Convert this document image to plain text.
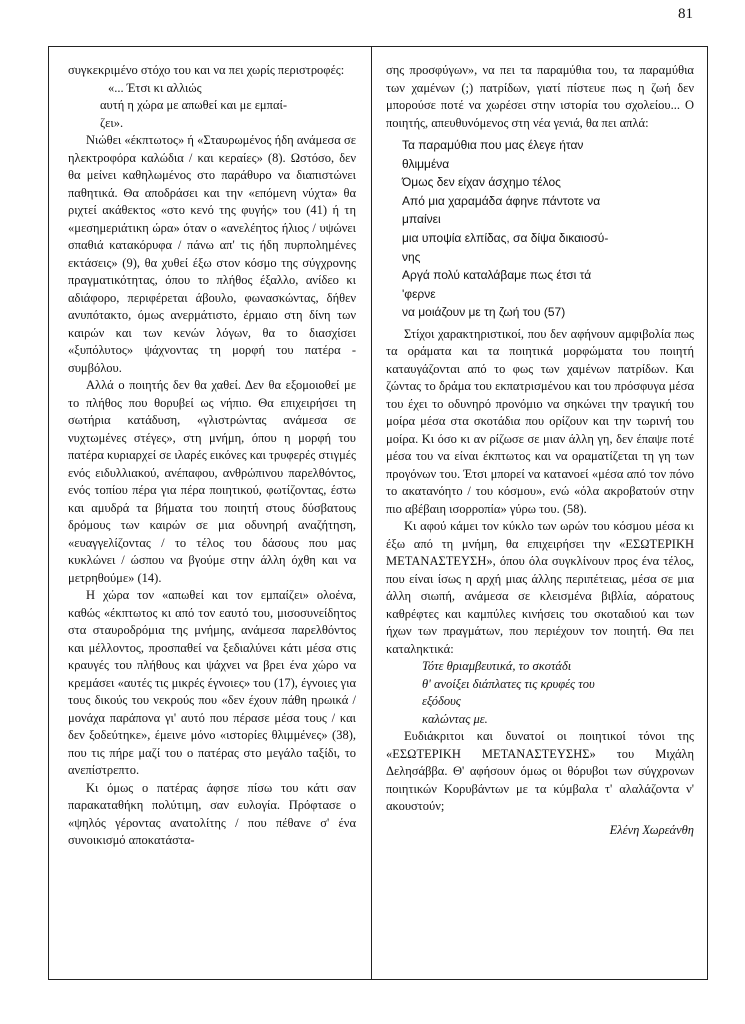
81

συγκεκριμένο στόχο του και να πει χωρίς περιστροφές:

«... Έτσι κι αλλιώς
αυτή η χώρα με απωθεί και με εμπαί-
ζει».

Νιώθει «έκπτωτος» ή «Σταυρωμένος ήδη ανάμεσα σε ηλεκτροφόρα καλώδια / και κεραίες» (8). Ωστόσο, δεν θα μείνει καθηλωμένος στο παράθυρο να διαπιστώνει παθητικά. Θα αποδράσει και την «επόμενη νύχτα» θα ριχτεί ακάθεκτος «στο κενό της φυγής» του (41) ή τη «μεσημεριάτικη ώρα» όταν ο «ανελέητος ήλιος / υψώνει σπαθιά κατακόρυφα / πάνω απ' τις ήδη πυρπολημένες εκτάσεις» (9), θα χυθεί έξω στον κόσμο της σύγχρονης πραγματικότητας, όπου το πλήθος έξαλλο, ανίδεο κι αδιάφορο, περιφέρεται άβουλο, φωνασκώντας, δήθεν ανυπότακτο, όμως ανερμάτιστο, έρμαιο στη δίνη των καιρών και των κενών λόγων, θα το διασχίσει «ξυπόλυτος» ψάχνοντας τη μορφή του πατέρα - συμβόλου.

Αλλά ο ποιητής δεν θα χαθεί. Δεν θα εξομοιοθεί με το πλήθος που θορυβεί ως νήπιο. Θα επιχειρήσει τη σωτήρια κατάδυση, «γλιστρώντας ανάμεσα σε νυχτωμένες στέγες», στη μνήμη, όπου η μορφή του πατέρα κυριαρχεί σε ιλαρές εικόνες και τρυφερές στιγμές ενός ειδυλλιακού, ανέπαφου, ανθρώπινου παρελθόντος, ενός τοπίου πέρα για πέρα ποιητικού, φωτίζοντας, έστω και αμυδρά τα βήματα του ποιητή στους δύσβατους δρόμους των καιρών σε μια οδυνηρή αναζήτηση, «ευαγγελίζοντας / το τέλος του δάσους που μας κυκλώνει / ώσπου να βγούμε στην άλλη όχθη και να μετρηθούμε» (14).

Η χώρα τον «απωθεί και τον εμπαίζει» ολοένα, καθώς «έκπτωτος κι από τον εαυτό του, μισοσυνείδητος στα σταυροδρόμια της μνήμης, ανάμεσα παρελθόντος και μέλλοντος, προσπαθεί να ξεδιαλύνει κάτι μέσα στις κραυγές του πλήθους και ψάχνει να βρει ένα χώρο να κρεμάσει «αυτές τις μικρές έγνοιες» του (17), έγνοιες για τους δικούς του νεκρούς που «δεν έχουν πάθη ηρωικά / μονάχα παράπονα γι' αυτό που πέρασε μέσα τους / και δεν ξοδεύτηκε», έμεινε μόνο «ιστορίες θλιμμένες» (38), που τις πήρε μαζί του ο πατέρας στο μεγάλο ταξίδι, το ανεπίστρεπτο.

Κι όμως ο πατέρας άφησε πίσω του κάτι σαν παρακαταθήκη πολύτιμη, σαν ευλογία. Πρόφτασε ο «ψηλός γέροντας ανατολίτης / που πέθανε σ' ένα συνοικισμό αποκατάστα-

σης προσφύγων», να πει τα παραμύθια του, τα παραμύθια των χαμένων (;) πατρίδων, γιατί πίστευε πως η ζωή δεν μπορούσε ποτέ να χωρέσει στην ιστορία του σχολείου... Ο ποιητής, απευθυνόμενος στη νέα γενιά, θα πει απλά:

Τα παραμύθια που μας έλεγε ήταν
θλιμμένα
Όμως δεν είχαν άσχημο τέλος
Από μια χαραμάδα άφηνε πάντοτε να
μπαίνει
μια υποψία ελπίδας, σα δίψα δικαιοσύ-
νης
Αργά πολύ καταλάβαμε πως έτσι τά
'φερνε
να μοιάζουν με τη ζωή του (57)

Στίχοι χαρακτηριστικοί, που δεν αφήνουν αμφιβολία πως τα οράματα και τα ποιητικά μορφώματα του ποιητή καταυγάζονται από το φως των χαμένων πατρίδων. Και ζώντας το δράμα του εκπατρισμένου και του πρόσφυγα μέσα του έχει το οδυνηρό προνόμιο να σηκώνει την τραγική του μοίρα μέσα στα σκοτάδια που ορίζουν και την τωρινή του μοίρα. Κι όσο κι αν ρίζωσε σε μιαν άλλη γη, δεν έπαψε ποτέ μέσα του να είναι έκπτωτος και να οραματίζεται τη γη των προγόνων του. Έτσι μπορεί να κατανοεί «μέσα από τον πόνο το ακατανόητο / του κόσμου», ενώ «όλα ακροβατούν στην πιο αβέβαιη ισορροπία» γύρω του. (58).

Κι αφού κάμει τον κύκλο των ωρών του κόσμου μέσα κι έξω από τη μνήμη, θα επιχειρήσει την «ΕΣΩΤΕΡΙΚΗ ΜΕΤΑΝΑΣΤΕΥΣΗ», όπου όλα συγκλίνουν προς ένα τέλος, που είναι ίσως η αρχή μιας άλλης περιπέτειας, μέσα σε μια άλλη σιωπή, ανάμεσα σε κλεισμένα βιβλία, αόρατους καθρέφτες και καμπύλες κινήσεις του σκοταδιού και των ήχων των πραγμάτων, που περιέχουν τον ποιητή. Θα πει καταληκτικά:

Τότε θριαμβευτικά, το σκοτάδι
θ' ανοίξει διάπλατες τις κρυφές του
εξόδους
καλώντας με.

Ευδιάκριτοι και δυνατοί οι ποιητικοί τόνοι της «ΕΣΩΤΕΡΙΚΗ ΜΕΤΑΝΑΣΤΕΥΣΗΣ» του Μιχάλη Δελησάββα. Θ' αφήσουν όμως οι θόρυβοι των σύγχρονων ποιητικών Κορυβάντων με τα κύμβαλα τ' αλαλάζοντα ν' ακουστούν;

Ελένη Χωρεάνθη
